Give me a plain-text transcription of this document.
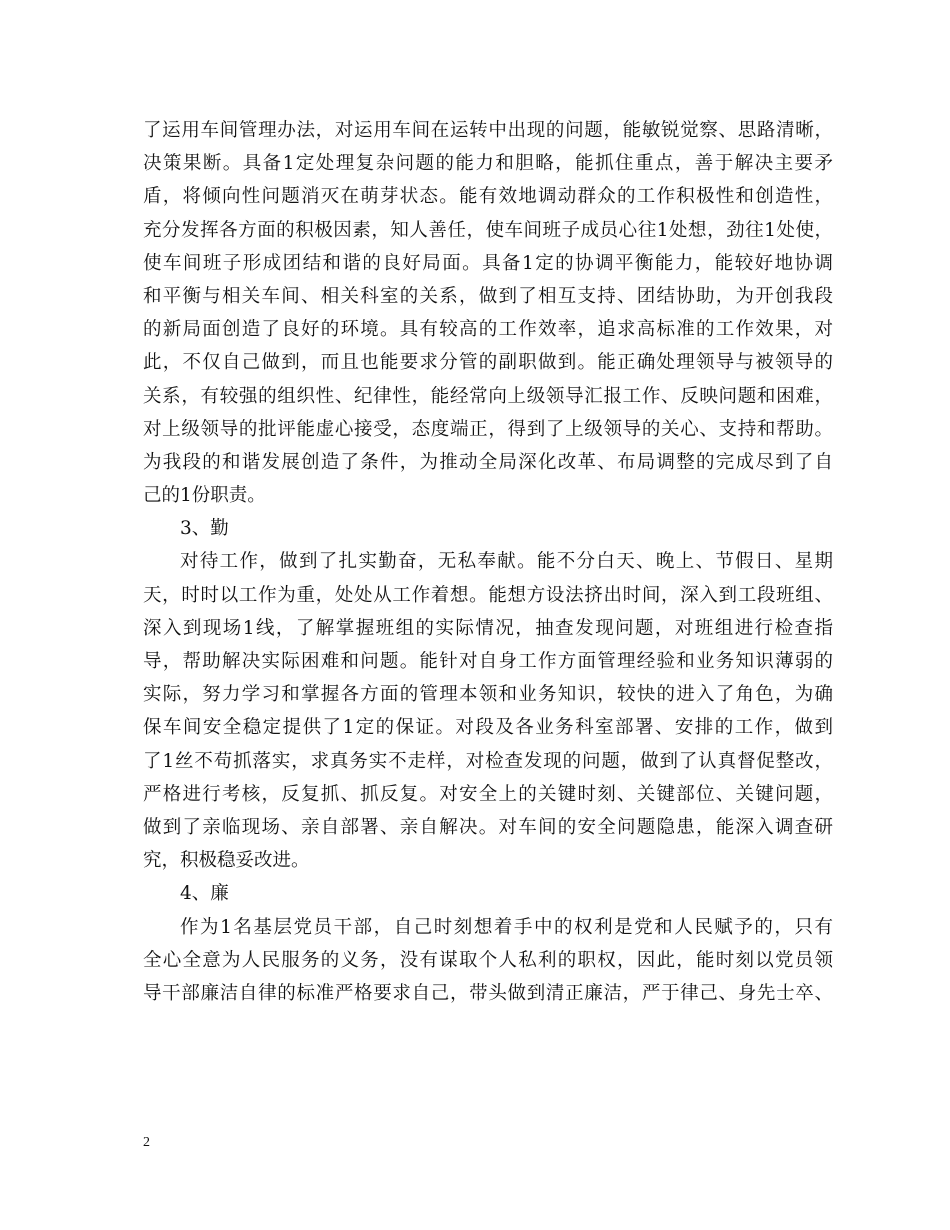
了运用车间管理办法，对运用车间在运转中出现的问题，能敏锐觉察、思路清晰，
决策果断。具备1定处理复杂问题的能力和胆略，能抓住重点，善于解决主要矛
盾，将倾向性问题消灭在萌芽状态。能有效地调动群众的工作积极性和创造性，
充分发挥各方面的积极因素，知人善任，使车间班子成员心往1处想，劲往1处使，
使车间班子形成团结和谐的良好局面。具备1定的协调平衡能力，能较好地协调
和平衡与相关车间、相关科室的关系，做到了相互支持、团结协助，为开创我段
的新局面创造了良好的环境。具有较高的工作效率，追求高标准的工作效果，对
此，不仅自己做到，而且也能要求分管的副职做到。能正确处理领导与被领导的
关系，有较强的组织性、纪律性，能经常向上级领导汇报工作、反映问题和困难，
对上级领导的批评能虚心接受，态度端正，得到了上级领导的关心、支持和帮助。
为我段的和谐发展创造了条件，为推动全局深化改革、布局调整的完成尽到了自
己的1份职责。
3、勤
对待工作，做到了扎实勤奋，无私奉献。能不分白天、晚上、节假日、星期
天，时时以工作为重，处处从工作着想。能想方设法挤出时间，深入到工段班组、
深入到现场1线，了解掌握班组的实际情况，抽查发现问题，对班组进行检查指
导，帮助解决实际困难和问题。能针对自身工作方面管理经验和业务知识薄弱的
实际，努力学习和掌握各方面的管理本领和业务知识，较快的进入了角色，为确
保车间安全稳定提供了1定的保证。对段及各业务科室部署、安排的工作，做到
了1丝不苟抓落实，求真务实不走样，对检查发现的问题，做到了认真督促整改，
严格进行考核，反复抓、抓反复。对安全上的关键时刻、关键部位、关键问题，
做到了亲临现场、亲自部署、亲自解决。对车间的安全问题隐患，能深入调查研
究，积极稳妥改进。
4、廉
作为1名基层党员干部，自己时刻想着手中的权利是党和人民赋予的，只有
全心全意为人民服务的义务，没有谋取个人私利的职权，因此，能时刻以党员领
导干部廉洁自律的标准严格要求自己，带头做到清正廉洁，严于律己、身先士卒、
2
